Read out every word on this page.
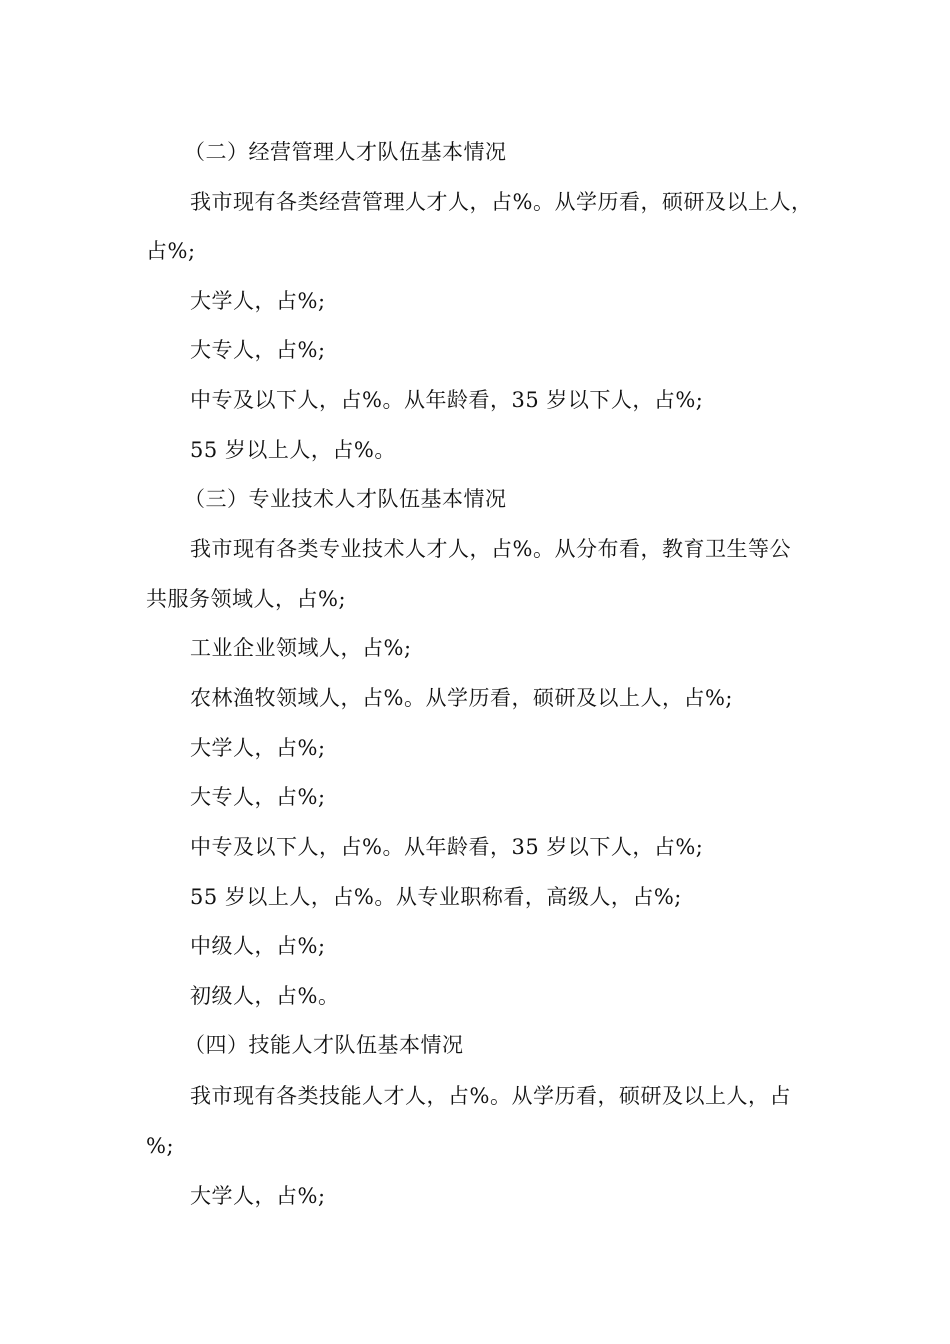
（二）经营管理人才队伍基本情况
我市现有各类经营管理人才人，占%。从学历看，硕研及以上人，
占%;
大学人，占%;
大专人，占%;
中专及以下人，占%。从年龄看，35 岁以下人，占%;
55 岁以上人，占%。
（三）专业技术人才队伍基本情况
我市现有各类专业技术人才人，占%。从分布看，教育卫生等公
共服务领域人，占%;
工业企业领域人，占%;
农林渔牧领域人，占%。从学历看，硕研及以上人，占%;
大学人，占%;
大专人，占%;
中专及以下人，占%。从年龄看，35 岁以下人，占%;
55 岁以上人，占%。从专业职称看，高级人，占%;
中级人，占%;
初级人，占%。
（四）技能人才队伍基本情况
我市现有各类技能人才人，占%。从学历看，硕研及以上人，占
%;
大学人，占%;
